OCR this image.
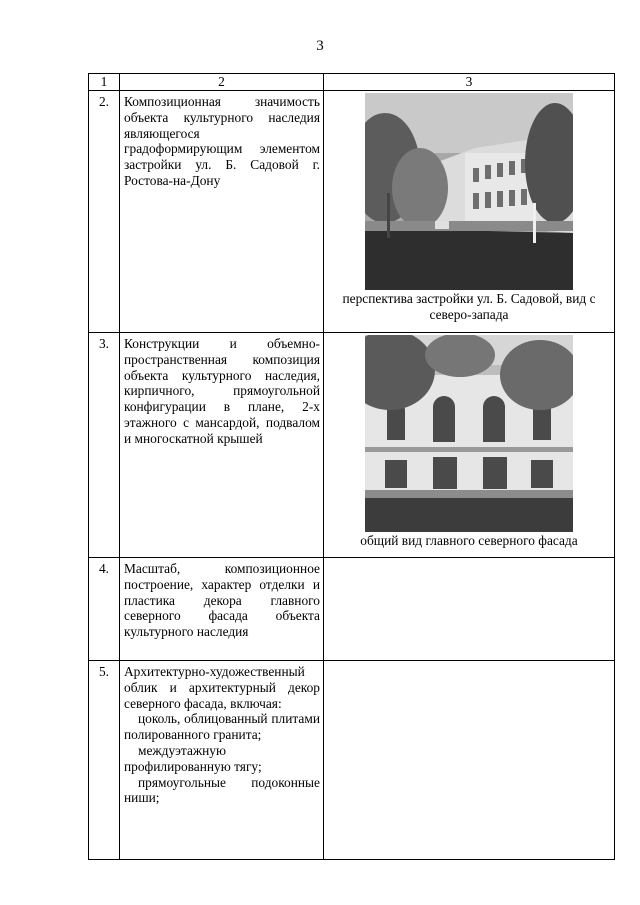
3
1	2	3
2.	Композиционная значимость объекта культурного наследия являющегося градоформирующим элементом застройки ул. Б. Садовой г. Ростова-на-Дону	перспектива застройки ул. Б. Садовой, вид с северо-запада

3.	Конструкции и объемно-пространственная композиция объекта культурного наследия, кирпичного, прямоугольной конфигурации в плане, 2-х этажного с мансардой, подвалом и многоскатной крышей	общий вид главного северного фасада

4.	Масштаб, композиционное построение, характер отделки и пластика декора главного северного фасада объекта культурного наследия	

5.	Архитектурно-художественный облик и архитектурный декор северного фасада, включая:

цоколь, облицованный плитами полированного гранита;

междуэтажную профилированную тягу;

прямоугольные подоконные ниши;	
